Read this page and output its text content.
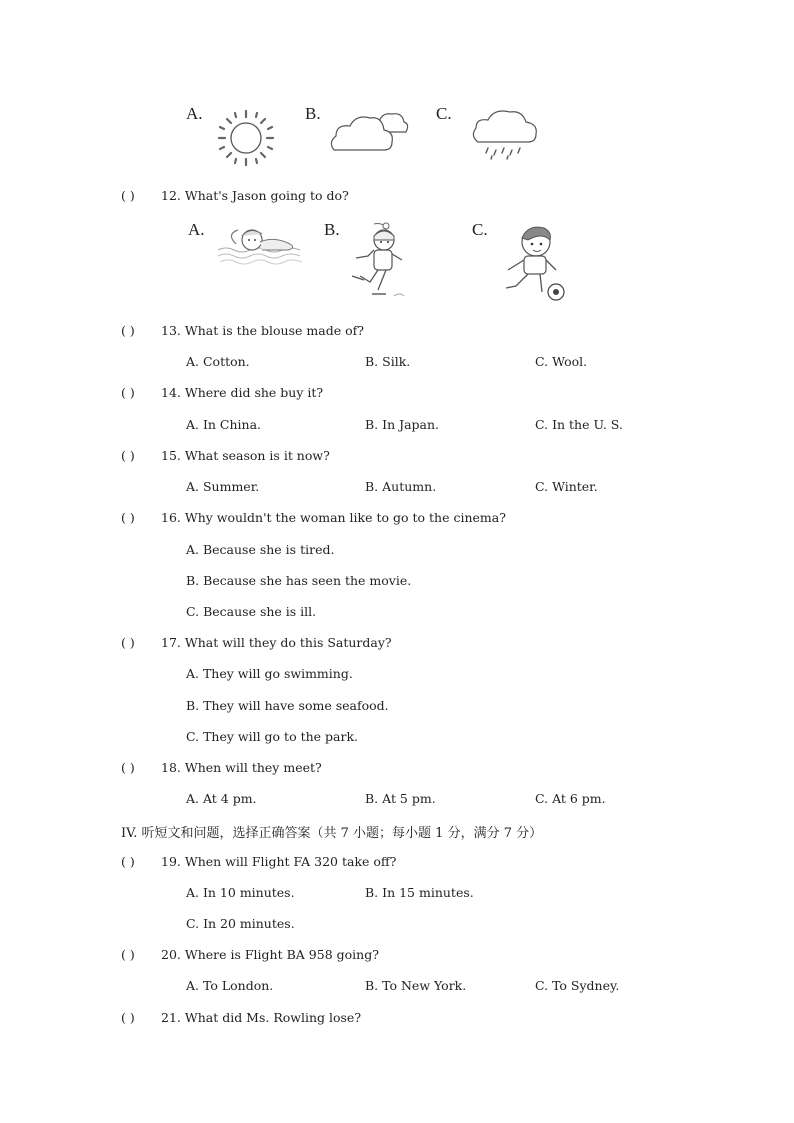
A.	B.	C.
( ) 12. What's Jason going to do?
A.	B.	C.
( ) 13. What is the blouse made of?
A. Cotton.	B. Silk.	C. Wool.
( ) 14. Where did she buy it?
A. In China.	B. In Japan.	C. In the U. S.
( ) 15. What season is it now?
A. Summer.	B. Autumn.	C. Winter.
( ) 16. Why wouldn't the woman like to go to the cinema?
A. Because she is tired.
B. Because she has seen the movie.
C. Because she is ill.
( ) 17. What will they do this Saturday?
A. They will go swimming.
B. They will have some seafood.
C. They will go to the park.
( ) 18. When will they meet?
A. At 4 pm.	B. At 5 pm.	C. At 6 pm.
IV. 听短文和问题，选择正确答案（共 7 小题；每小题 1 分，满分 7 分）
( ) 19. When will Flight FA 320 take off?
A. In 10 minutes.	B. In 15 minutes.
C. In 20 minutes.
( ) 20. Where is Flight BA 958 going?
A. To London.	B. To New York.	C. To Sydney.
( ) 21. What did Ms. Rowling lose?
